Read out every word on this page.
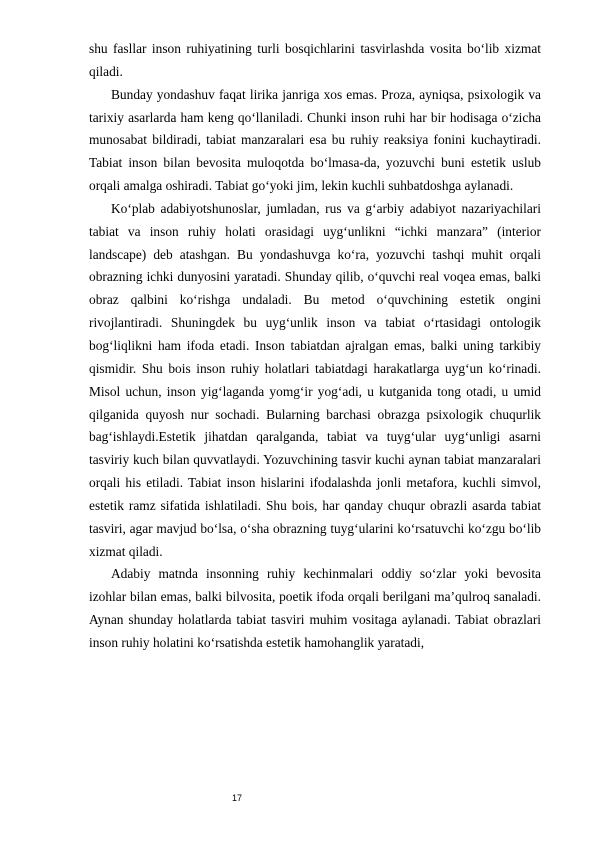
shu fasllar inson ruhiyatining turli bosqichlarini tasvirlashda vosita bo‘lib xizmat qiladi.

Bunday yondashuv faqat lirika janriga xos emas. Proza, ayniqsa, psixologik va tarixiy asarlarda ham keng qo‘llaniladi. Chunki inson ruhi har bir hodisaga o‘zicha munosabat bildiradi, tabiat manzaralari esa bu ruhiy reaksiya fonini kuchaytiradi. Tabiat inson bilan bevosita muloqotda bo‘lmasa-da, yozuvchi buni estetik uslub orqali amalga oshiradi. Tabiat go‘yoki jim, lekin kuchli suhbatdoshga aylanadi.

Ko‘plab adabiyotshunoslar, jumladan, rus va g‘arbiy adabiyot nazariyachilari tabiat va inson ruhiy holati orasidagi uyg‘unlikni “ichki manzara” (interior landscape) deb atashgan. Bu yondashuvga ko‘ra, yozuvchi tashqi muhit orqali obrazning ichki dunyosini yaratadi. Shunday qilib, o‘quvchi real voqea emas, balki obraz qalbini ko‘rishga undaladi. Bu metod o‘quvchining estetik ongini rivojlantiradi. Shuningdek bu uyg‘unlik inson va tabiat o‘rtasidagi ontologik bog‘liqlikni ham ifoda etadi. Inson tabiatdan ajralgan emas, balki uning tarkibiy qismidir. Shu bois inson ruhiy holatlari tabiatdagi harakatlarga uyg‘un ko‘rinadi. Misol uchun, inson yig‘laganda yomg‘ir yog‘adi, u kutganida tong otadi, u umid qilganida quyosh nur sochadi. Bularning barchasi obrazga psixologik chuqurlik bag‘ishlaydi.Estetik jihatdan qaralganda, tabiat va tuyg‘ular uyg‘unligi asarni tasviriy kuch bilan quvvatlaydi. Yozuvchining tasvir kuchi aynan tabiat manzaralari orqali his etiladi. Tabiat inson hislarini ifodalashda jonli metafora, kuchli simvol, estetik ramz sifatida ishlatiladi. Shu bois, har qanday chuqur obrazli asarda tabiat tasviri, agar mavjud bo‘lsa, o‘sha obrazning tuyg‘ularini ko‘rsatuvchi ko‘zgu bo‘lib xizmat qiladi.

Adabiy matnda insonning ruhiy kechinmalari oddiy so‘zlar yoki bevosita izohlar bilan emas, balki bilvosita, poetik ifoda orqali berilgani ma’qulroq sanaladi. Aynan shunday holatlarda tabiat tasviri muhim vositaga aylanadi. Tabiat obrazlari inson ruhiy holatini ko‘rsatishda estetik hamohanglik yaratadi,

17
